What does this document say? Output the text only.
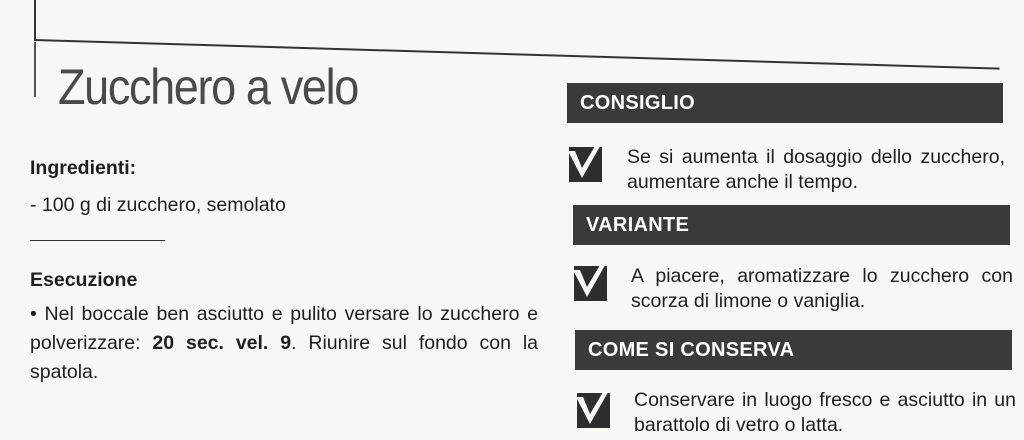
Zucchero a velo
Ingredienti:
- 100 g di zucchero, semolato
Esecuzione
• Nel boccale ben asciutto e pulito versare lo zucchero e polverizzare: 20 sec. vel. 9. Riunire sul fondo con la spatola.
CONSIGLIO
Se si aumenta il dosaggio dello zucchero, aumentare anche il tempo.
VARIANTE
A piacere, aromatizzare lo zucchero con scorza di limone o vaniglia.
COME SI CONSERVA
Conservare in luogo fresco e asciutto in un barattolo di vetro o latta.
